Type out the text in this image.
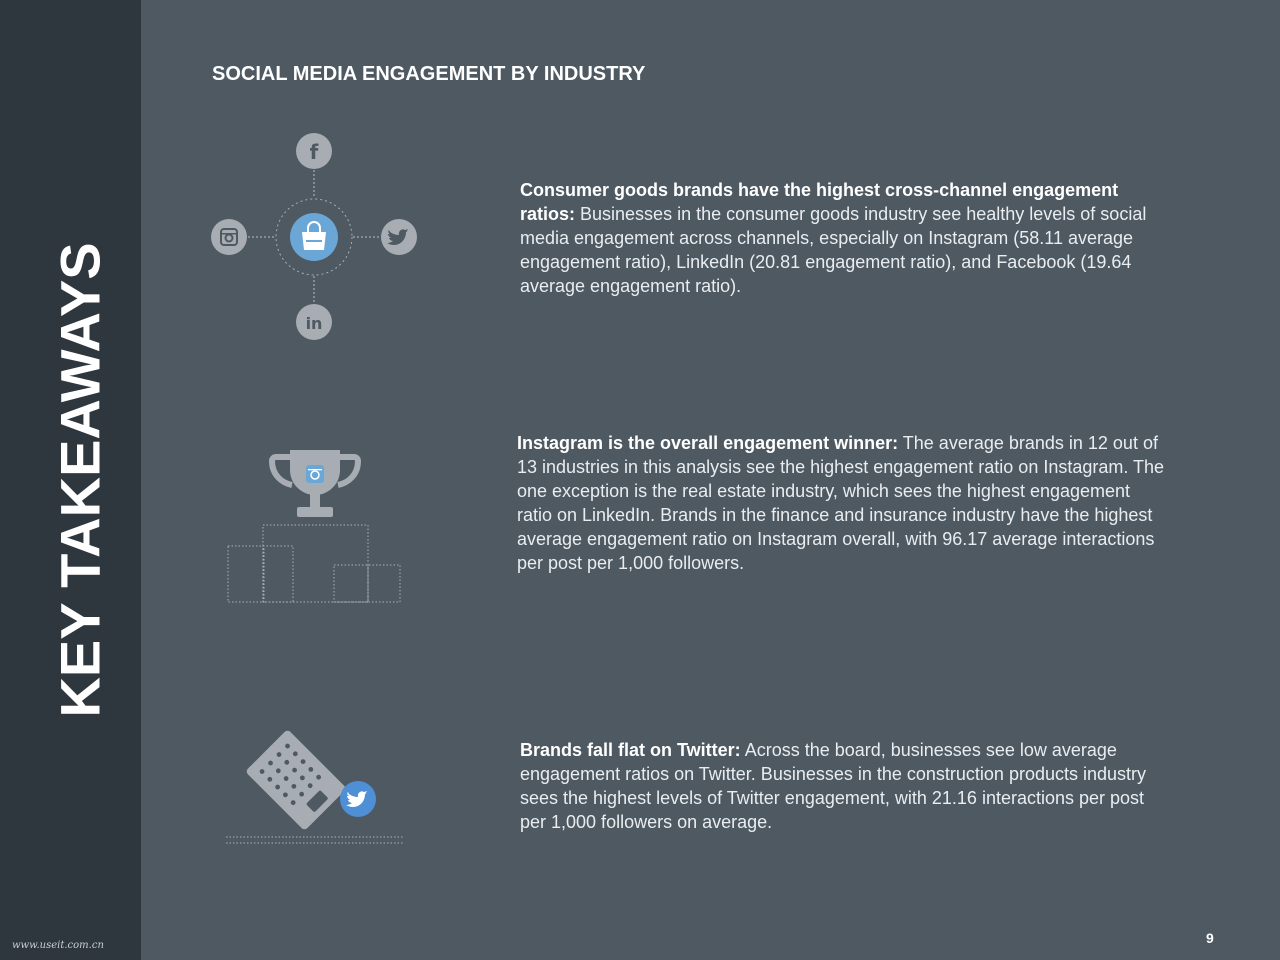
KEY TAKEAWAYS
www.useit.com.cn
SOCIAL MEDIA ENGAGEMENT BY INDUSTRY
f
in
Consumer goods brands have the highest cross-channel engagement ratios: Businesses in the consumer goods industry see healthy levels of social media engagement across channels, especially on Instagram (58.11 average engagement ratio), LinkedIn (20.81 engagement ratio), and Facebook (19.64 average engagement ratio).
Instagram is the overall engagement winner: The average brands in 12 out of 13 industries in this analysis see the highest engagement ratio on Instagram. The one exception is the real estate industry, which sees the highest engagement ratio on LinkedIn. Brands in the finance and insurance industry have the highest average engagement ratio on Instagram overall, with 96.17 average interactions per post per 1,000 followers.
Brands fall flat on Twitter: Across the board, businesses see low average engagement ratios on Twitter. Businesses in the construction products industry sees the highest levels of Twitter engagement, with 21.16 interactions per post per 1,000 followers on average.
9
